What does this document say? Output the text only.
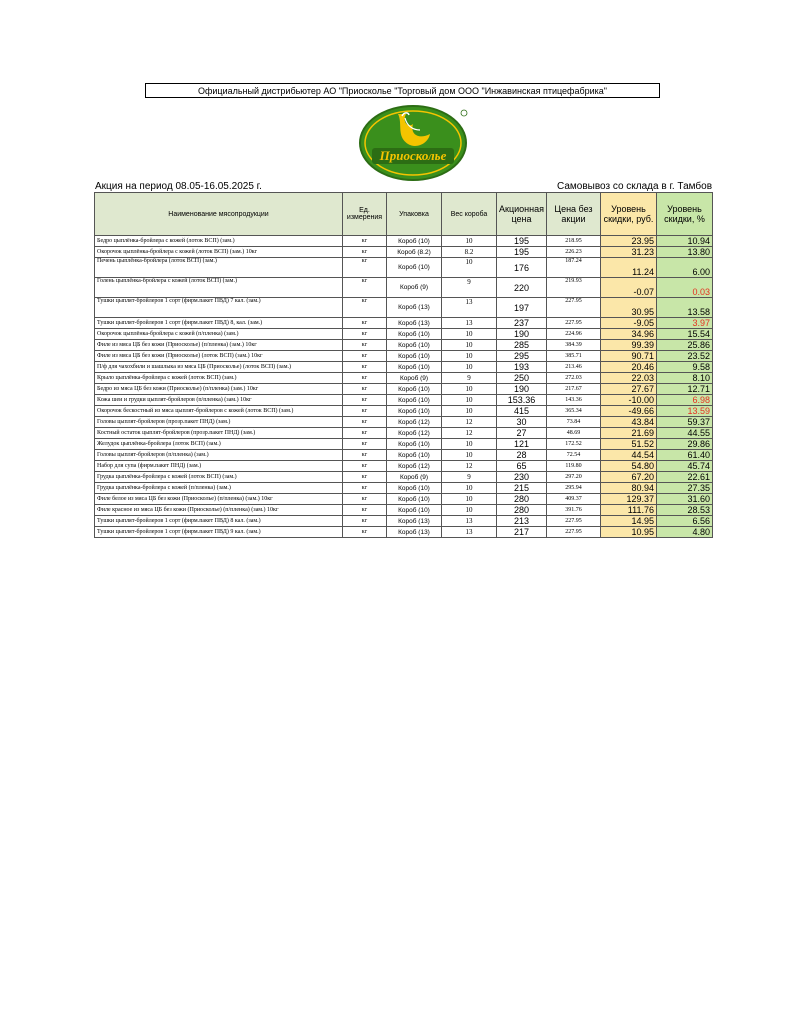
Официальный дистрибьютер АО "Приосколье "Торговый дом ООО "Инжавинская птицефабрика"
Приосколье
Акция на период 08.05-16.05.2025 г.	Самовывоз со склада в г. Тамбов
Наименование мясопродукции	Ед. измерения	Упаковка	Вес короба	Акционная цена	Цена без акции	Уровень скидки, руб.	Уровень скидки, %
Бедро цыплёнка-бройлера с кожей (лоток ВСП) (зам.)	кг	Короб (10)	10	195	218.95	23.95	10.94
Окорочок цыплёнка-бройлера с кожей (лоток ВСП) (зам.) 10кг	кг	Короб (8.2)	8.2	195	226.23	31.23	13.80
Печень цыплёнка-бройлера (лоток ВСП) (зам.)	кг	Короб (10)	10	176	187.24	11.24	6.00
Голень цыплёнка-бройлера с кожей (лоток ВСП) (зам.)	кг	Короб (9)	9	220	219.93	-0.07	0.03
Тушки цыплят-бройлеров 1 сорт (фирм.пакет ПВД) 7 кал. (зам.)	кг	Короб (13)	13	197	227.95	30.95	13.58
Тушки цыплят-бройлеров 1 сорт (фирм.пакет ПВД) 8, кал. (зам.)	кг	Короб (13)	13	237	227.95	-9.05	3.97
Окорочок цыплёнка-бройлера с кожей (п/пленка) (зам.)	кг	Короб (10)	10	190	224.96	34.96	15.54
Филе из мяса ЦБ без кожи (Приосколье) (п/пленка) (зам.) 10кг	кг	Короб (10)	10	285	384.39	99.39	25.86
Филе из мяса ЦБ без кожи (Приосколье) (лоток ВСП) (зам.) 10кг	кг	Короб (10)	10	295	385.71	90.71	23.52
П/ф для чахохбили и шашлыка из мяса ЦБ (Приосколье) (лоток ВСП) (зам.)	кг	Короб (10)	10	193	213.46	20.46	9.58
Крыло цыплёнка-бройлера с кожей (лоток ВСП) (зам.)	кг	Короб (9)	9	250	272.03	22.03	8.10
Бедро из мяса ЦБ без кожи (Приосколье) (п/пленка) (зам.) 10кг	кг	Короб (10)	10	190	217.67	27.67	12.71
Кожа шеи и грудки цыплят-бройлеров (п/пленка) (зам.) 10кг	кг	Короб (10)	10	153.36	143.36	-10.00	6.98
Окорочок бескостный из мяса цыплят-бройлеров с кожей (лоток ВСП) (зам.)	кг	Короб (10)	10	415	365.34	-49.66	13.59
Головы цыплят-бройлеров (прозр.пакет ПНД) (зам.)	кг	Короб (12)	12	30	73.84	43.84	59.37
Костный остаток цыплят-бройлеров (прозр.пакет ПНД) (зам.)	кг	Короб (12)	12	27	48.69	21.69	44.55
Желудок цыплёнка-бройлера (лоток ВСП) (зам.)	кг	Короб (10)	10	121	172.52	51.52	29.86
Головы цыплят-бройлеров (п/пленка) (зам.)	кг	Короб (10)	10	28	72.54	44.54	61.40
Набор для супа (фирм.пакет ПНД) (зам.)	кг	Короб (12)	12	65	119.80	54.80	45.74
Грудка цыплёнка-бройлера с кожей (лоток ВСП) (зам.)	кг	Короб (9)	9	230	297.20	67.20	22.61
Грудка цыплёнка-бройлера с кожей (п/пленка) (зам.)	кг	Короб (10)	10	215	295.94	80.94	27.35
Филе белое из мяса ЦБ без кожи (Приосколье) (п/пленка) (зам.) 10кг	кг	Короб (10)	10	280	409.37	129.37	31.60
Филе красное из мяса ЦБ без кожи (Приосколье) (п/пленка) (зам.) 10кг	кг	Короб (10)	10	280	391.76	111.76	28.53
Тушки цыплят-бройлеров 1 сорт (фирм.пакет ПВД) 8 кал. (зам.)	кг	Короб (13)	13	213	227.95	14.95	6.56
Тушки цыплят-бройлеров 1 сорт (фирм.пакет ПВД) 9 кал. (зам.)	кг	Короб (13)	13	217	227.95	10.95	4.80
